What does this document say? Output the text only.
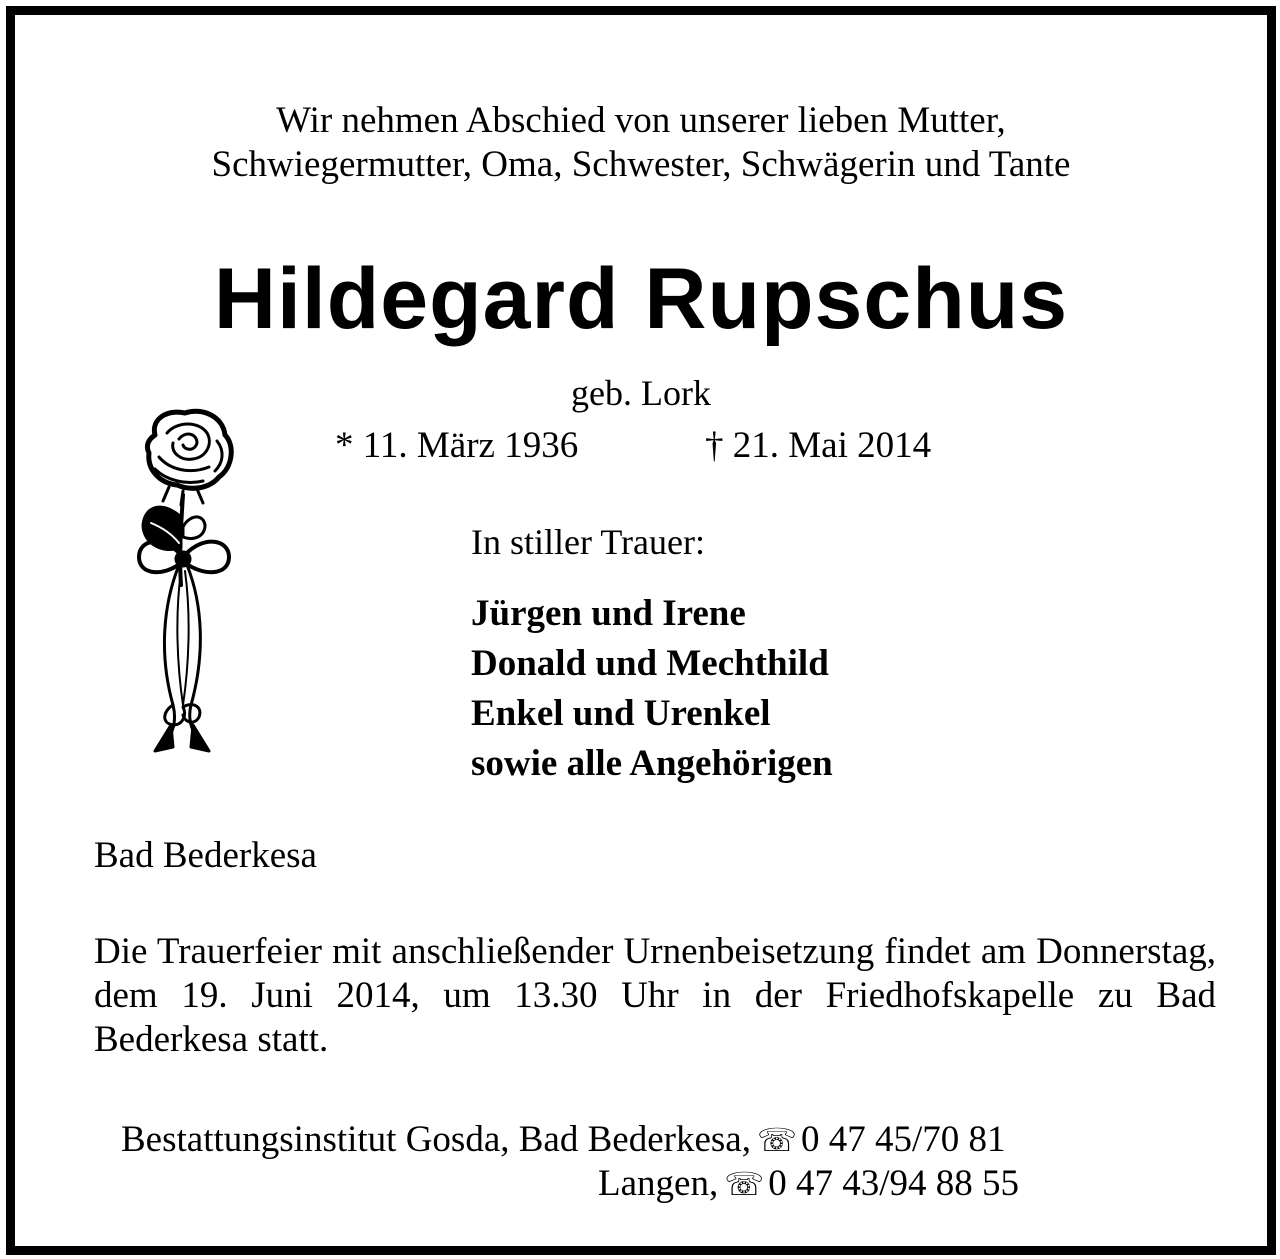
Wir nehmen Abschied von unserer lieben Mutter,
Schwiegermutter, Oma, Schwester, Schwägerin und Tante
Hildegard Rupschus
geb. Lork
* 11. März 1936	† 21. Mai 2014
In stiller Trauer:
Jürgen und Irene
Donald und Mechthild
Enkel und Urenkel
sowie alle Angehörigen
Bad Bederkesa
Die Trauerfeier mit anschließender Urnenbeisetzung findet am Donnerstag, dem 19. Juni 2014, um 13.30 Uhr in der Friedhofskapelle zu Bad Bederkesa statt.
Bestattungsinstitut Gosda, Bad Bederkesa, ☏ 0 47 45/70 81
Langen, ☏ 0 47 43/94 88 55
